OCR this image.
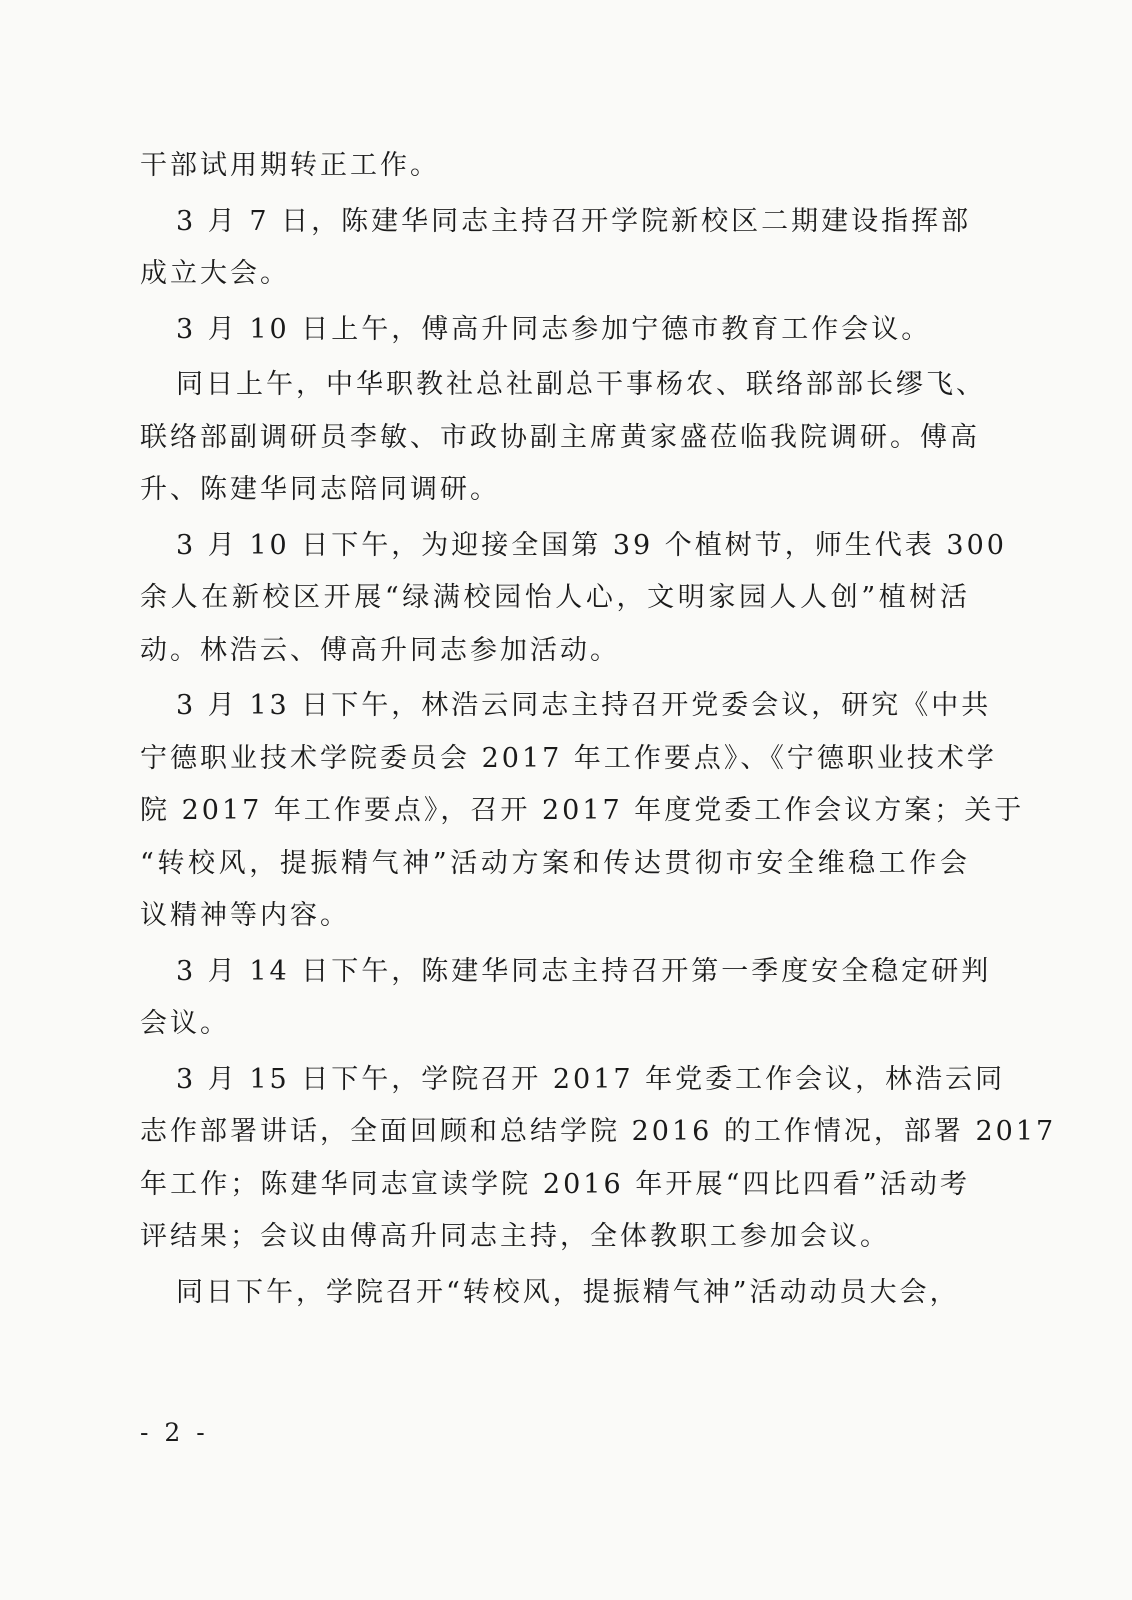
干部试用期转正工作。
3 月 7 日，陈建华同志主持召开学院新校区二期建设指挥部
成立大会。
3 月 10 日上午，傅高升同志参加宁德市教育工作会议。
同日上午，中华职教社总社副总干事杨农、联络部部长缪飞、
联络部副调研员李敏、市政协副主席黄家盛莅临我院调研。傅高
升、陈建华同志陪同调研。
3 月 10 日下午，为迎接全国第 39 个植树节，师生代表 300
余人在新校区开展“绿满校园怡人心，文明家园人人创”植树活
动。林浩云、傅高升同志参加活动。
3 月 13 日下午，林浩云同志主持召开党委会议，研究《中共
宁德职业技术学院委员会 2017 年工作要点》、《宁德职业技术学
院 2017 年工作要点》，召开 2017 年度党委工作会议方案；关于
“转校风，提振精气神”活动方案和传达贯彻市安全维稳工作会
议精神等内容。
3 月 14 日下午，陈建华同志主持召开第一季度安全稳定研判
会议。
3 月 15 日下午，学院召开 2017 年党委工作会议，林浩云同
志作部署讲话，全面回顾和总结学院 2016 的工作情况，部署 2017
年工作；陈建华同志宣读学院 2016 年开展“四比四看”活动考
评结果；会议由傅高升同志主持，全体教职工参加会议。
同日下午，学院召开“转校风，提振精气神”活动动员大会，
- 2 -
